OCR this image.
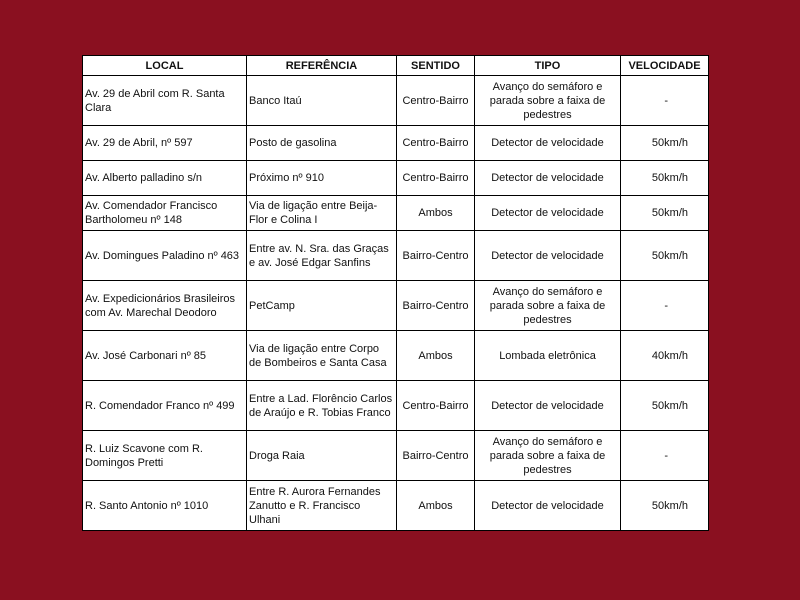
LOCAL	REFERÊNCIA	SENTIDO	TIPO	VELOCIDADE
Av. 29 de Abril com R. Santa Clara	Banco Itaú	Centro-Bairro	Avanço do semáforo e parada sobre a faixa de pedestres	-
Av. 29 de Abril, nº 597	Posto de gasolina	Centro-Bairro	Detector de velocidade	50km/h
Av. Alberto palladino s/n	Próximo nº 910	Centro-Bairro	Detector de velocidade	50km/h
Av. Comendador Francisco Bartholomeu nº 148	Via de ligação entre Beija-Flor e Colina I	Ambos	Detector de velocidade	50km/h
Av. Domingues Paladino nº 463	Entre av. N. Sra. das Graças e av. José Edgar Sanfins	Bairro-Centro	Detector de velocidade	50km/h
Av. Expedicionários Brasileiros com Av. Marechal Deodoro	PetCamp	Bairro-Centro	Avanço do semáforo e parada sobre a faixa de pedestres	-
Av. José Carbonari nº 85	Via de ligação entre Corpo de Bombeiros e Santa Casa	Ambos	Lombada eletrônica	40km/h
R. Comendador Franco nº 499	Entre a Lad. Florêncio Carlos de Araújo e R. Tobias Franco	Centro-Bairro	Detector de velocidade	50km/h
R. Luiz Scavone com R. Domingos Pretti	Droga Raia	Bairro-Centro	Avanço do semáforo e parada sobre a faixa de pedestres	-
R. Santo Antonio nº 1010	Entre R. Aurora Fernandes Zanutto e R. Francisco Ulhani	Ambos	Detector de velocidade	50km/h
